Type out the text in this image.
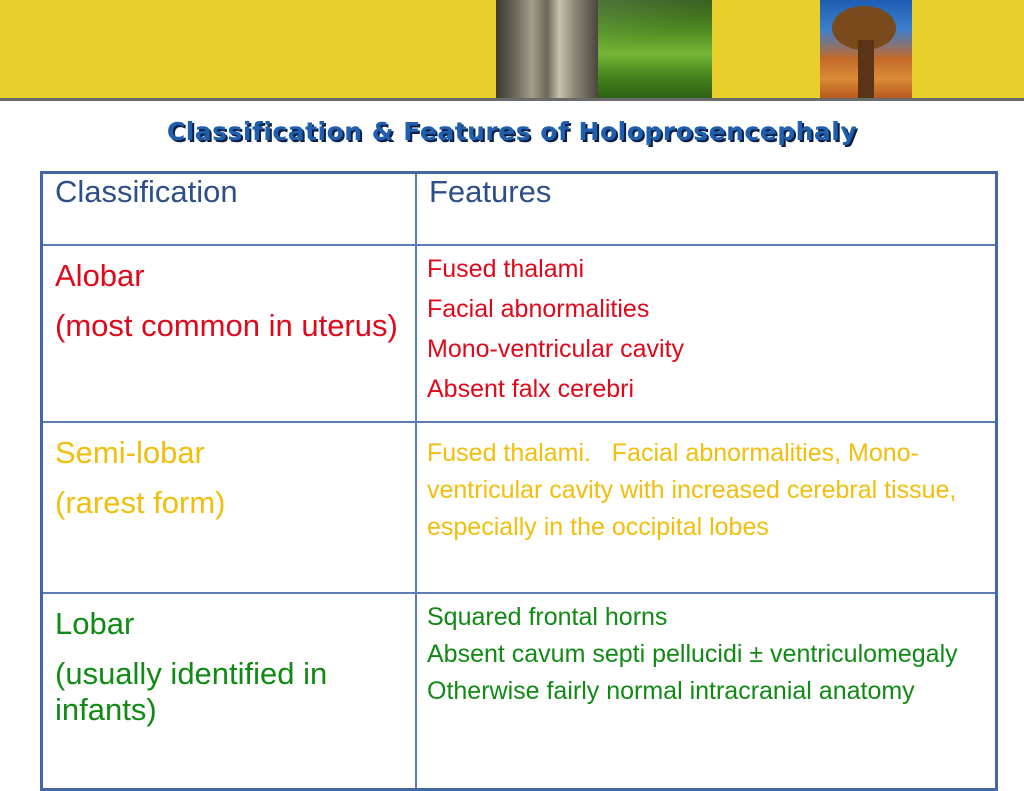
Classification & Features of Holoprosencephaly
Classification	Features
Alobar
(most common in uterus)	Fused thalami
Facial abnormalities
Mono-ventricular cavity
Absent falx cerebri

Semi-lobar
(rarest form)	Fused thalami.   Facial abnormalities, Mono-ventricular cavity with increased cerebral tissue, especially in the occipital lobes
Lobar
(usually identified in infants)	Squared frontal horns
Absent cavum septi pellucidi ± ventriculomegaly
Otherwise fairly normal intracranial anatomy
